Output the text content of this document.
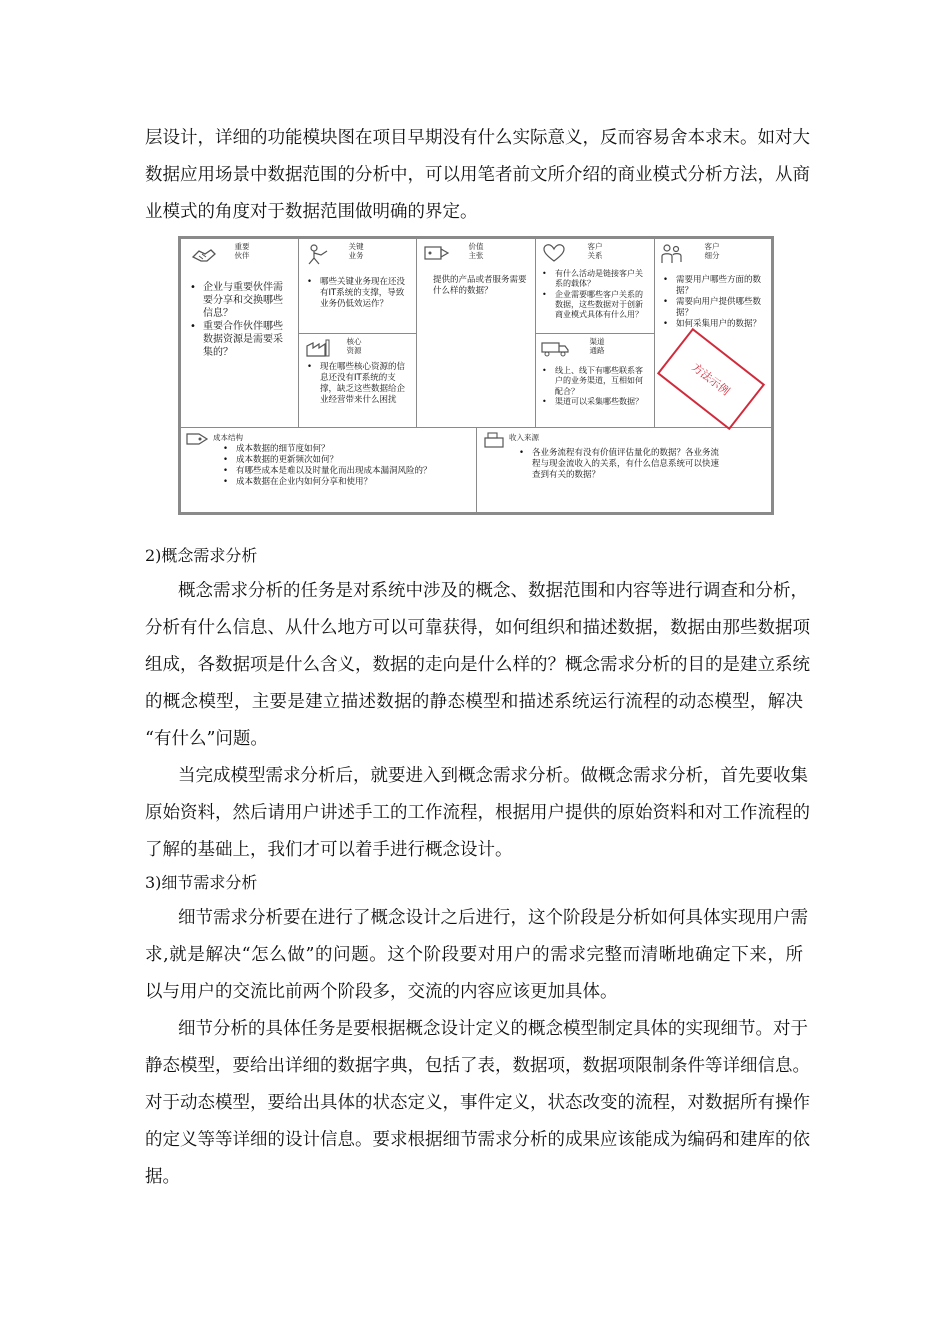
层设计，详细的功能模块图在项目早期没有什么实际意义，反而容易舍本求末。如对大
数据应用场景中数据范围的分析中，可以用笔者前文所介绍的商业模式分析方法，从商
业模式的角度对于数据范围做明确的界定。
重要
伙伴
• 企业与重要伙伴需要分享和交换哪些信息？
• 重要合作伙伴哪些数据资源是需要采集的？
关键
业务
• 哪些关键业务现在还没有IT系统的支撑，导致业务仍低效运作？
核心
资源
• 现在哪些核心资源的信息还没有IT系统的支撑，缺乏这些数据给企业经营带来什么困扰
价值
主张
提供的产品或者服务需要什么样的数据？
客户
关系
• 有什么活动是链接客户关系的载体？
• 企业需要哪些客户关系的数据，这些数据对于创新商业模式具体有什么用？
渠道
通路
• 线上、线下有哪些联系客户的业务渠道，互相如何配合？
• 渠道可以采集哪些数据？
客户
细分
• 需要用户哪些方面的数据？
• 需要向用户提供哪些数据？
• 如何采集用户的数据？
成本结构
• 成本数据的细节度如何？
• 成本数据的更新频次如何？
• 有哪些成本是难以及时量化而出现成本漏洞风险的？
• 成本数据在企业内如何分享和使用？
收入来源
• 各业务流程有没有价值评估量化的数据？各业务流程与现金流收入的关系，有什么信息系统可以快速查到有关的数据？
方法示例
2)概念需求分析
概念需求分析的任务是对系统中涉及的概念、数据范围和内容等进行调查和分析，
分析有什么信息、从什么地方可以可靠获得，如何组织和描述数据，数据由那些数据项
组成，各数据项是什么含义，数据的走向是什么样的？概念需求分析的目的是建立系统
的概念模型，主要是建立描述数据的静态模型和描述系统运行流程的动态模型，解决
“有什么”问题。
当完成模型需求分析后，就要进入到概念需求分析。做概念需求分析，首先要收集
原始资料，然后请用户讲述手工的工作流程，根据用户提供的原始资料和对工作流程的
了解的基础上，我们才可以着手进行概念设计。
3)细节需求分析
细节需求分析要在进行了概念设计之后进行，这个阶段是分析如何具体实现用户需
求,就是解决“怎么做”的问题。这个阶段要对用户的需求完整而清晰地确定下来，所
以与用户的交流比前两个阶段多，交流的内容应该更加具体。
细节分析的具体任务是要根据概念设计定义的概念模型制定具体的实现细节。对于
静态模型，要给出详细的数据字典，包括了表，数据项，数据项限制条件等详细信息。
对于动态模型，要给出具体的状态定义，事件定义，状态改变的流程，对数据所有操作
的定义等等详细的设计信息。要求根据细节需求分析的成果应该能成为编码和建库的依
据。
